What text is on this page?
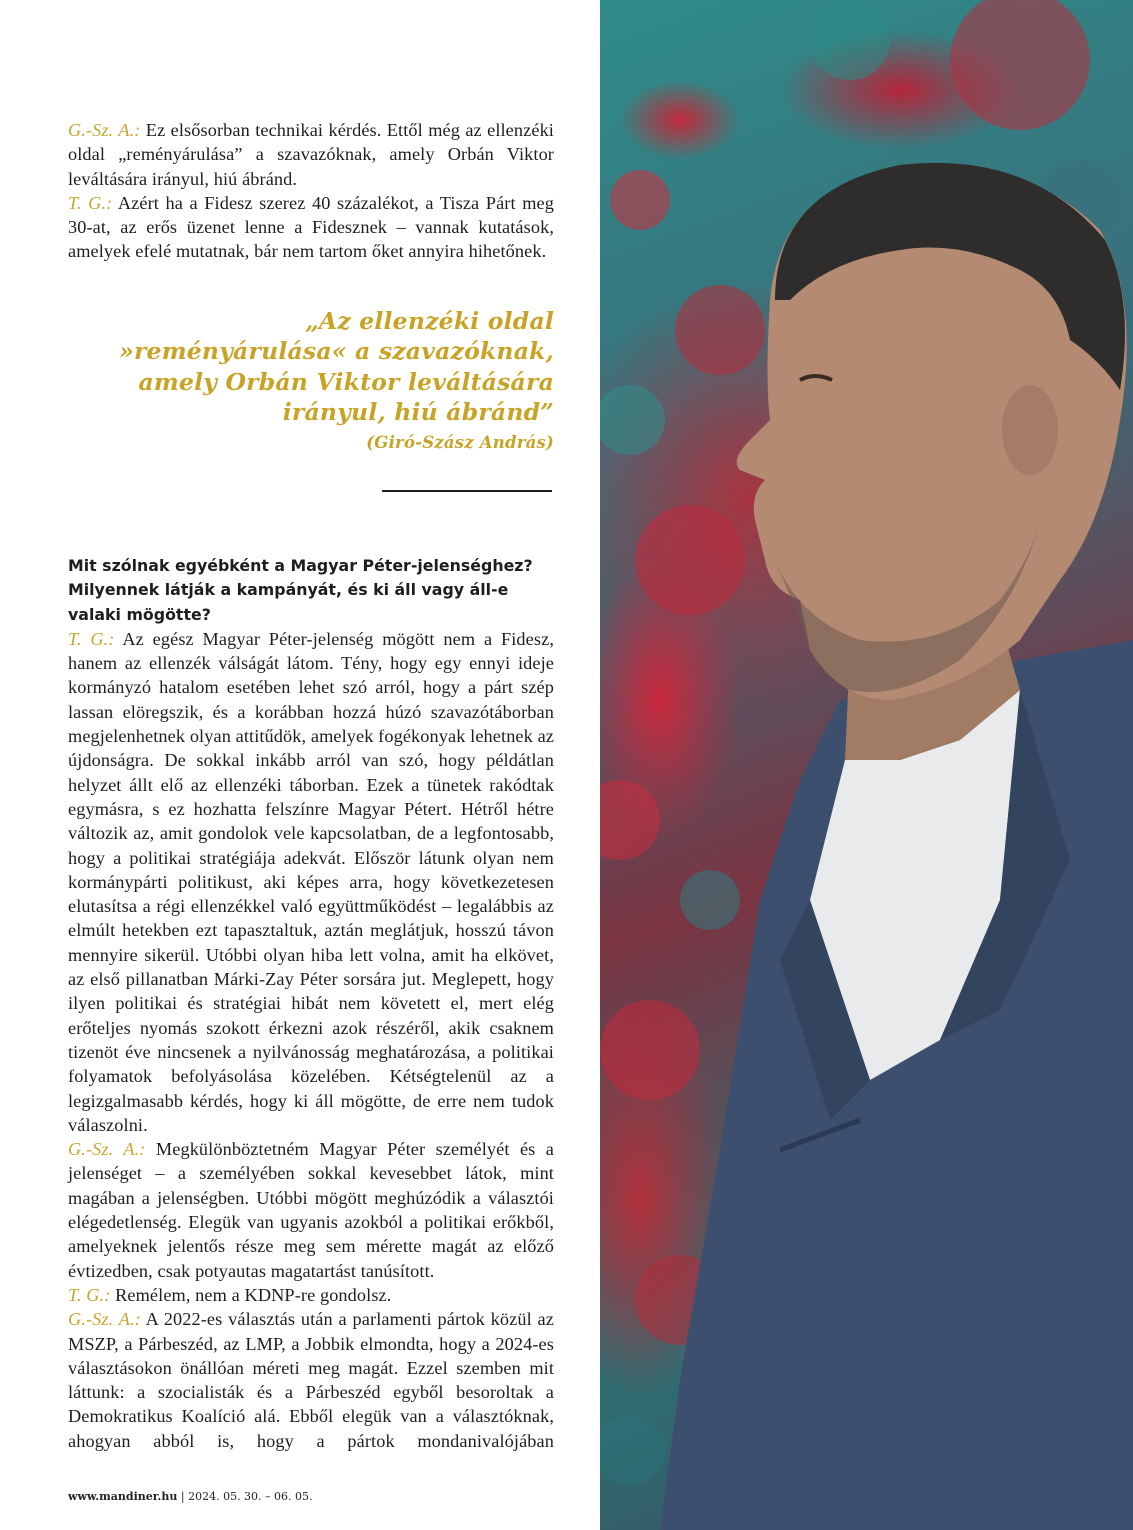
G.-Sz. A.: Ez elsősorban technikai kérdés. Ettől még az ellenzéki oldal „reményárulása” a szavazóknak, amely Orbán Viktor leváltására irányul, hiú ábránd.

T. G.: Azért ha a Fidesz szerez 40 százalékot, a Tisza Párt meg 30-at, az erős üzenet lenne a Fidesznek – vannak kutatások, amelyek efelé mutatnak, bár nem tartom őket annyira hihetőnek.

„Az ellenzéki oldal
»reményárulása« a szavazóknak,
amely Orbán Viktor leváltására
irányul, hiú ábránd”
(Giró-Szász András)

Mit szólnak egyébként a Magyar Péter-jelenséghez? Milyennek látják a kampányát, és ki áll vagy áll-e valaki mögötte?

T. G.: Az egész Magyar Péter-jelenség mögött nem a Fidesz, hanem az ellenzék válságát látom. Tény, hogy egy ennyi ideje kormányzó hatalom esetében lehet szó arról, hogy a párt szép lassan elöregszik, és a korábban hozzá húzó szavazótáborban megjelenhetnek olyan attitűdök, amelyek fogékonyak lehetnek az újdonságra. De sokkal inkább arról van szó, hogy példátlan helyzet állt elő az ellenzéki táborban. Ezek a tünetek rakódtak egymásra, s ez hozhatta felszínre Magyar Pétert. Hétről hétre változik az, amit gondolok vele kapcsolatban, de a legfontosabb, hogy a politikai stratégiája adekvát. Először látunk olyan nem kormánypárti politikust, aki képes arra, hogy következetesen elutasítsa a régi ellenzékkel való együttműködést – legalábbis az elmúlt hetekben ezt tapasztaltuk, aztán meglátjuk, hosszú távon mennyire sikerül. Utóbbi olyan hiba lett volna, amit ha elkövet, az első pillanatban Márki-Zay Péter sorsára jut. Meglepett, hogy ilyen politikai és stratégiai hibát nem követett el, mert elég erőteljes nyomás szokott érkezni azok részéről, akik csaknem tizenöt éve nincsenek a nyilvánosság meghatározása, a politikai folyamatok befolyásolása közelében. Kétségtelenül az a legizgalmasabb kérdés, hogy ki áll mögötte, de erre nem tudok válaszolni.

G.-Sz. A.: Megkülönböztetném Magyar Péter személyét és a jelenséget – a személyében sokkal kevesebbet látok, mint magában a jelenségben. Utóbbi mögött meghúzódik a választói elégedetlenség. Elegük van ugyanis azokból a politikai erőkből, amelyeknek jelentős része meg sem mérette magát az előző évtizedben, csak potyautas magatartást tanúsított.

T. G.: Remélem, nem a KDNP-re gondolsz.

G.-Sz. A.: A 2022-es választás után a parlamenti pártok közül az MSZP, a Párbeszéd, az LMP, a Jobbik elmondta, hogy a 2024-es választásokon önállóan méreti meg magát. Ezzel szemben mit láttunk: a szocialisták és a Párbeszéd egyből besoroltak a Demokratikus Koalíció alá. Ebből elegük van a választóknak, ahogyan abból is, hogy a pártok mondanivalójában

www.mandiner.hu | 2024. 05. 30. – 06. 05.
